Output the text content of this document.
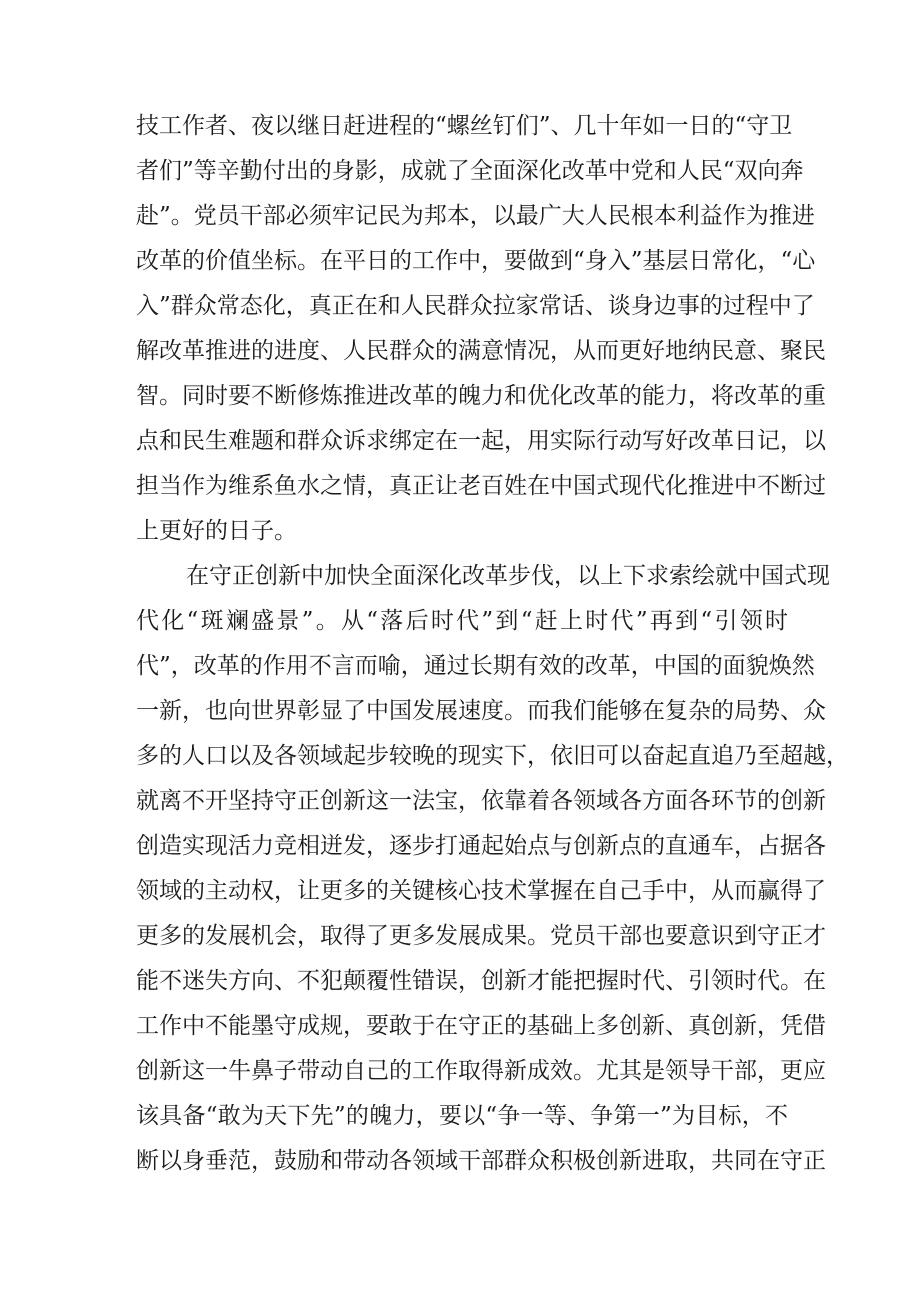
技工作者、夜以继日赶进程的“螺丝钉们”、几十年如一日的“守卫
者们”等辛勤付出的身影，成就了全面深化改革中党和人民“双向奔
赴”。党员干部必须牢记民为邦本，以最广大人民根本利益作为推进
改革的价值坐标。在平日的工作中，要做到“身入”基层日常化，“心
入”群众常态化，真正在和人民群众拉家常话、谈身边事的过程中了
解改革推进的进度、人民群众的满意情况，从而更好地纳民意、聚民
智。同时要不断修炼推进改革的魄力和优化改革的能力，将改革的重
点和民生难题和群众诉求绑定在一起，用实际行动写好改革日记，以
担当作为维系鱼水之情，真正让老百姓在中国式现代化推进中不断过
上更好的日子。
在守正创新中加快全面深化改革步伐，以上下求索绘就中国式现
代化“斑斓盛景”。从“落后时代”到“赶上时代”再到“引领时
代”，改革的作用不言而喻，通过长期有效的改革，中国的面貌焕然
一新，也向世界彰显了中国发展速度。而我们能够在复杂的局势、众
多的人口以及各领域起步较晚的现实下，依旧可以奋起直追乃至超越，
就离不开坚持守正创新这一法宝，依靠着各领域各方面各环节的创新
创造实现活力竞相迸发，逐步打通起始点与创新点的直通车，占据各
领域的主动权，让更多的关键核心技术掌握在自己手中，从而赢得了
更多的发展机会，取得了更多发展成果。党员干部也要意识到守正才
能不迷失方向、不犯颠覆性错误，创新才能把握时代、引领时代。在
工作中不能墨守成规，要敢于在守正的基础上多创新、真创新，凭借
创新这一牛鼻子带动自己的工作取得新成效。尤其是领导干部，更应
该具备“敢为天下先”的魄力，要以“争一等、争第一”为目标，不
断以身垂范，鼓励和带动各领域干部群众积极创新进取，共同在守正
